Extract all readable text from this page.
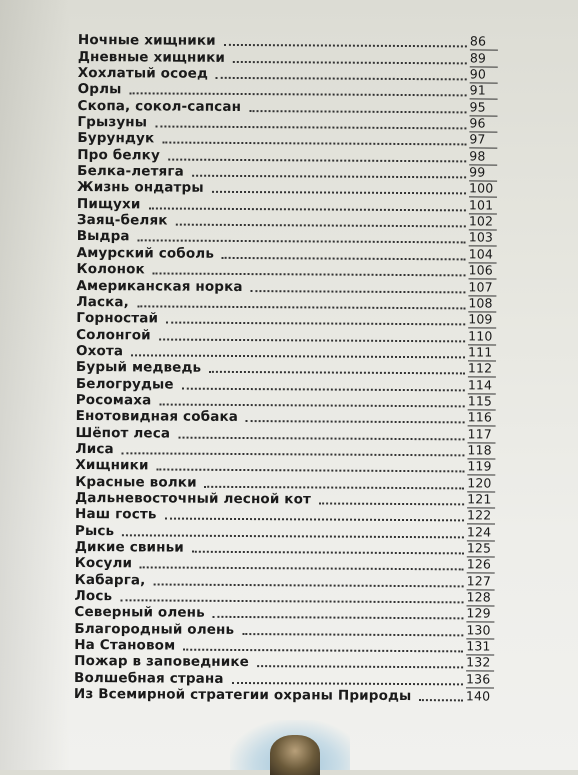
Ночные хищники	86
Дневные хищники	89
Хохлатый осоед	90
Орлы	91
Скопа, сокол-сапсан	95
Грызуны	96
Бурундук	97
Про белку	98
Белка-летяга	99
Жизнь ондатры	100
Пищухи	101
Заяц-беляк	102
Выдра	103
Амурский соболь	104
Колонок	106
Американская норка	107
Ласка,	108
Горностай	109
Солонгой	110
Охота	111
Бурый медведь	112
Белогрудые	114
Росомаха	115
Енотовидная собака	116
Шёпот леса	117
Лиса	118
Хищники	119
Красные волки	120
Дальневосточный лесной кот	121
Наш гость	122
Рысь	124
Дикие свиньи	125
Косули	126
Кабарга,	127
Лось	128
Северный олень	129
Благородный олень	130
На Становом	131
Пожар в заповеднике	132
Волшебная страна	136
Из Всемирной стратегии охраны Природы	140
